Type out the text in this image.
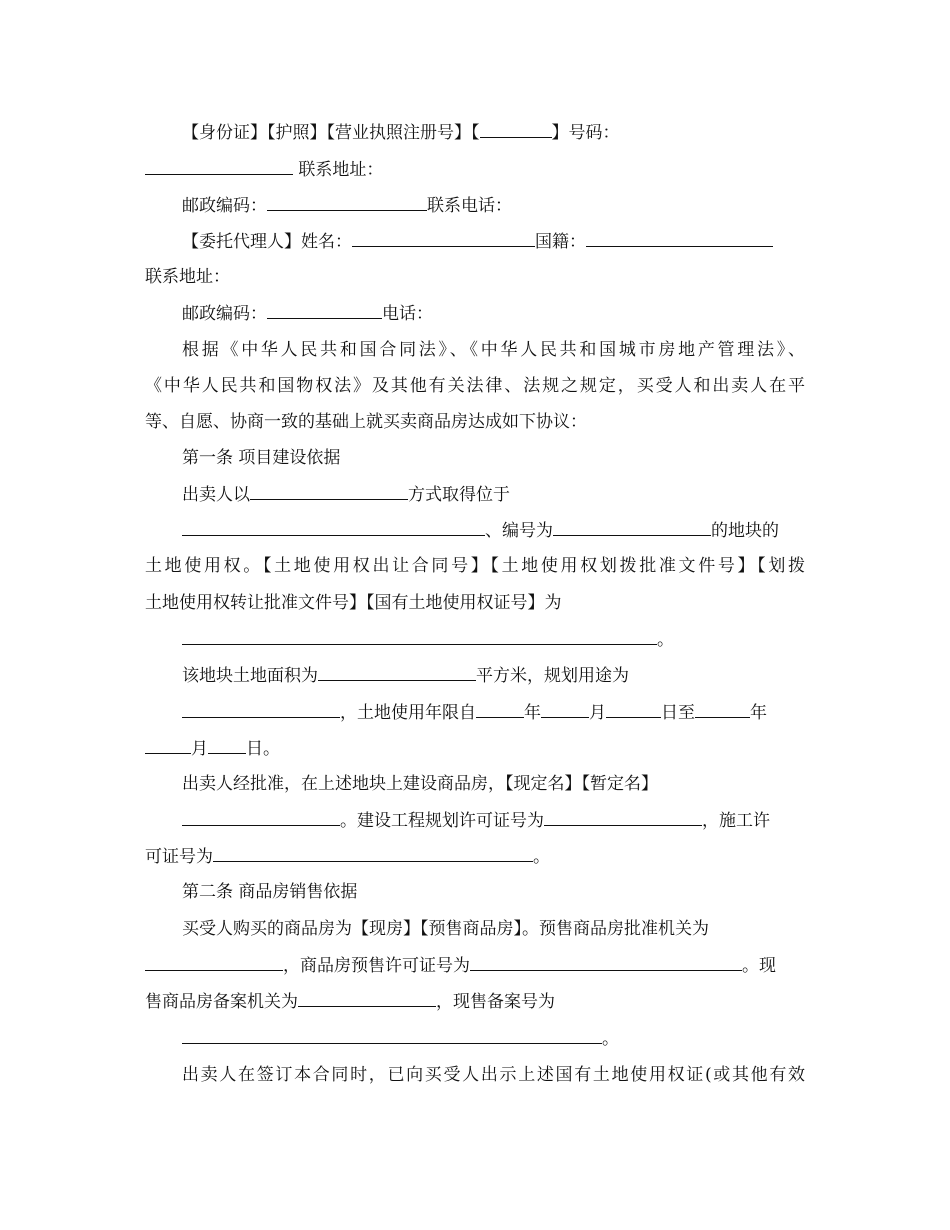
【身份证】【护照】【营业执照注册号】【	】号码：
联系地址：
邮政编码：	联系电话：
【委托代理人】姓名：	国籍：
联系地址：
邮政编码：	电话：
根据《中华人民共和国合同法》、《中华人民共和国城市房地产管理法》、
《中华人民共和国物权法》及其他有关法律、法规之规定，买受人和出卖人在平
等、自愿、协商一致的基础上就买卖商品房达成如下协议：
第一条 项目建设依据
出卖人以	方式取得位于
、编号为	的地块的
土地使用权。【土地使用权出让合同号】【土地使用权划拨批准文件号】【划拨
土地使用权转让批准文件号】【国有土地使用权证号】为
。
该地块土地面积为	平方米，规划用途为
，土地使用年限自	年	月	日至	年
月 日。
出卖人经批准，在上述地块上建设商品房，【现定名】【暂定名】
。建设工程规划许可证号为	，施工许
可证号为	。
第二条 商品房销售依据
买受人购买的商品房为【现房】【预售商品房】。预售商品房批准机关为
，商品房预售许可证号为	。现
售商品房备案机关为	，现售备案号为
。
出卖人在签订本合同时，已向买受人出示上述国有土地使用权证(或其他有效
